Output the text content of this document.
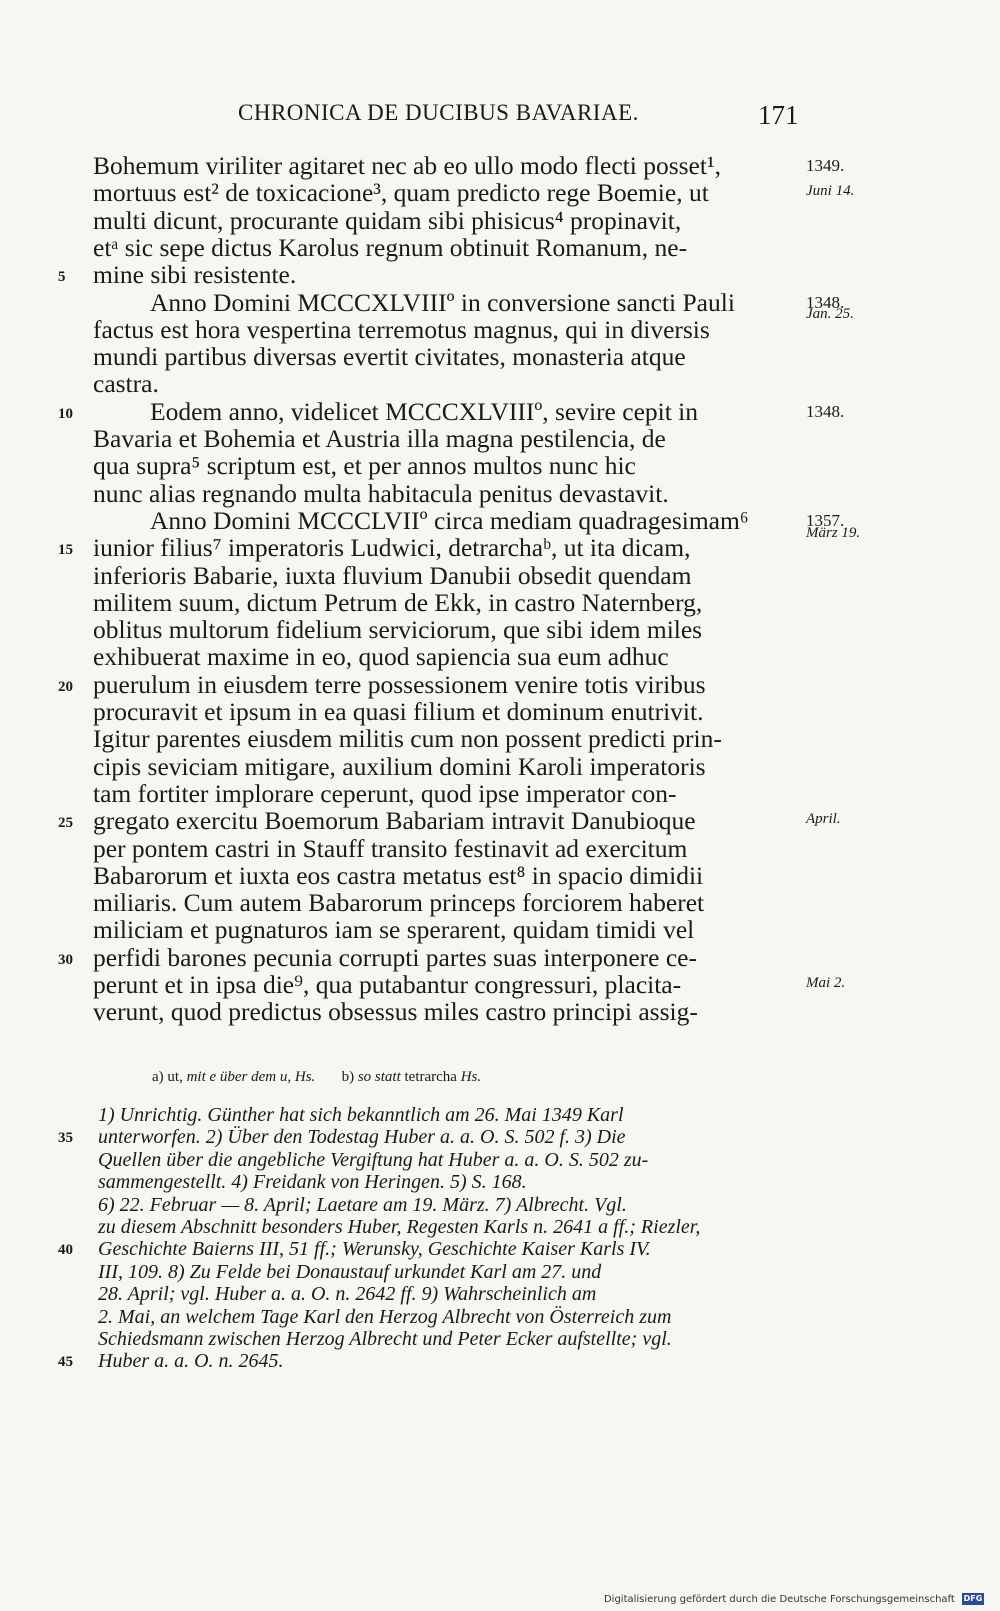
CHRONICA DE DUCIBUS BAVARIAE.	171
Bohemum viriliter agitaret nec ab eo ullo modo flecti posset¹,
mortuus est² de toxicacione³, quam predicto rege Boemie, ut
multi dicunt, procurante quidam sibi phisicus⁴ propinavit,
etᵃ sic sepe dictus Karolus regnum obtinuit Romanum, ne-
mine sibi resistente.
5
Anno Domini MCCCXLVIIIº in conversione sancti Pauli
factus est hora vespertina terremotus magnus, qui in diversis
mundi partibus diversas evertit civitates, monasteria atque
castra.
Eodem anno, videlicet MCCCXLVIIIº, sevire cepit in
10
Bavaria et Bohemia et Austria illa magna pestilencia, de
qua supra⁵ scriptum est, et per annos multos nunc hic
nunc alias regnando multa habitacula penitus devastavit.
Anno Domini MCCCLVIIº circa mediam quadragesimam⁶
iunior filius⁷ imperatoris Ludwici, detrarchaᵇ, ut ita dicam,
15
inferioris Babarie, iuxta fluvium Danubii obsedit quendam
militem suum, dictum Petrum de Ekk, in castro Naternberg,
oblitus multorum fidelium serviciorum, que sibi idem miles
exhibuerat maxime in eo, quod sapiencia sua eum adhuc
puerulum in eiusdem terre possessionem venire totis viribus
20
procuravit et ipsum in ea quasi filium et dominum enutrivit.
Igitur parentes eiusdem militis cum non possent predicti prin-
cipis seviciam mitigare, auxilium domini Karoli imperatoris
tam fortiter implorare ceperunt, quod ipse imperator con-
gregato exercitu Boemorum Babariam intravit Danubioque
25
per pontem castri in Stauff transito festinavit ad exercitum
Babarorum et iuxta eos castra metatus est⁸ in spacio dimidii
miliaris. Cum autem Babarorum princeps forciorem haberet
miliciam et pugnaturos iam se sperarent, quidam timidi vel
perfidi barones pecunia corrupti partes suas interponere ce-
30
perunt et in ipsa die⁹, qua putabantur congressuri, placita-
verunt, quod predictus obsessus miles castro principi assig-
1349.
Juni 14.
1348.
Jan. 25.
1348.
1357.
März 19.
April.
Mai 2.
a) ut, mit e über dem u, Hs. b) so statt tetrarcha Hs.
1) Unrichtig. Günther hat sich bekanntlich am 26. Mai 1349 Karl
unterworfen. 2) Über den Todestag Huber a. a. O. S. 502 f. 3) Die
35
Quellen über die angebliche Vergiftung hat Huber a. a. O. S. 502 zu-
sammengestellt. 4) Freidank von Heringen. 5) S. 168.
6) 22. Februar — 8. April; Laetare am 19. März. 7) Albrecht. Vgl.
zu diesem Abschnitt besonders Huber, Regesten Karls n. 2641 a ff.; Riezler,
Geschichte Baierns III, 51 ff.; Werunsky, Geschichte Kaiser Karls IV.
40
III, 109. 8) Zu Felde bei Donaustauf urkundet Karl am 27. und
28. April; vgl. Huber a. a. O. n. 2642 ff. 9) Wahrscheinlich am
2. Mai, an welchem Tage Karl den Herzog Albrecht von Österreich zum
Schiedsmann zwischen Herzog Albrecht und Peter Ecker aufstellte; vgl.
Huber a. a. O. n. 2645.
45
Digitalisierung gefördert durch die Deutsche Forschungsgemeinschaft DFG
